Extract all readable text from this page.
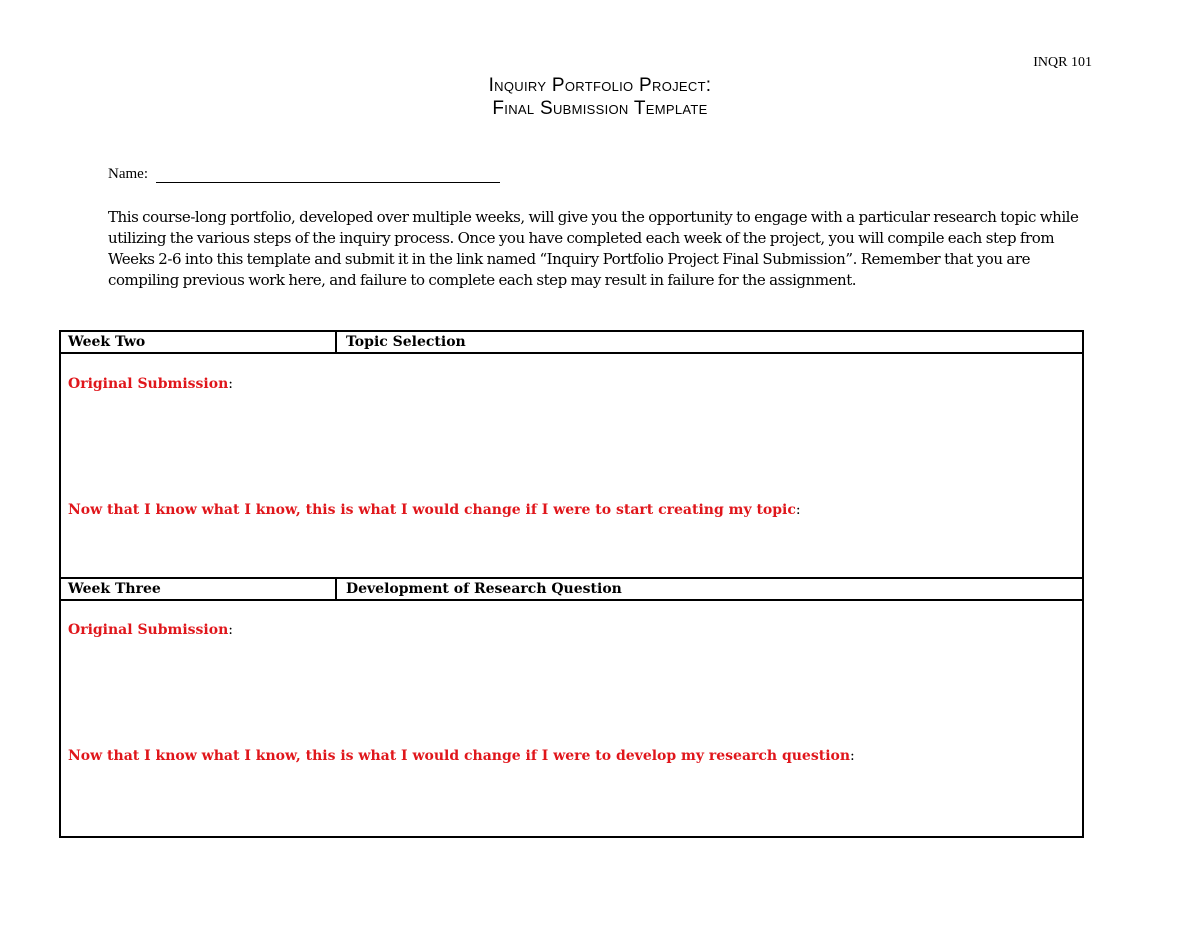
INQR 101
Inquiry Portfolio Project:
Final Submission Template
Name:
This course-long portfolio, developed over multiple weeks, will give you the opportunity to engage with a particular research topic while utilizing the various steps of the inquiry process. Once you have completed each week of the project, you will compile each step from Weeks 2-6 into this template and submit it in the link named “Inquiry Portfolio Project Final Submission”. Remember that you are compiling previous work here, and failure to complete each step may result in failure for the assignment.
Week Two	Topic Selection
Original Submission:
Now that I know what I know, this is what I would change if I were to start creating my topic:
Week Three	Development of Research Question
Original Submission:
Now that I know what I know, this is what I would change if I were to develop my research question:
